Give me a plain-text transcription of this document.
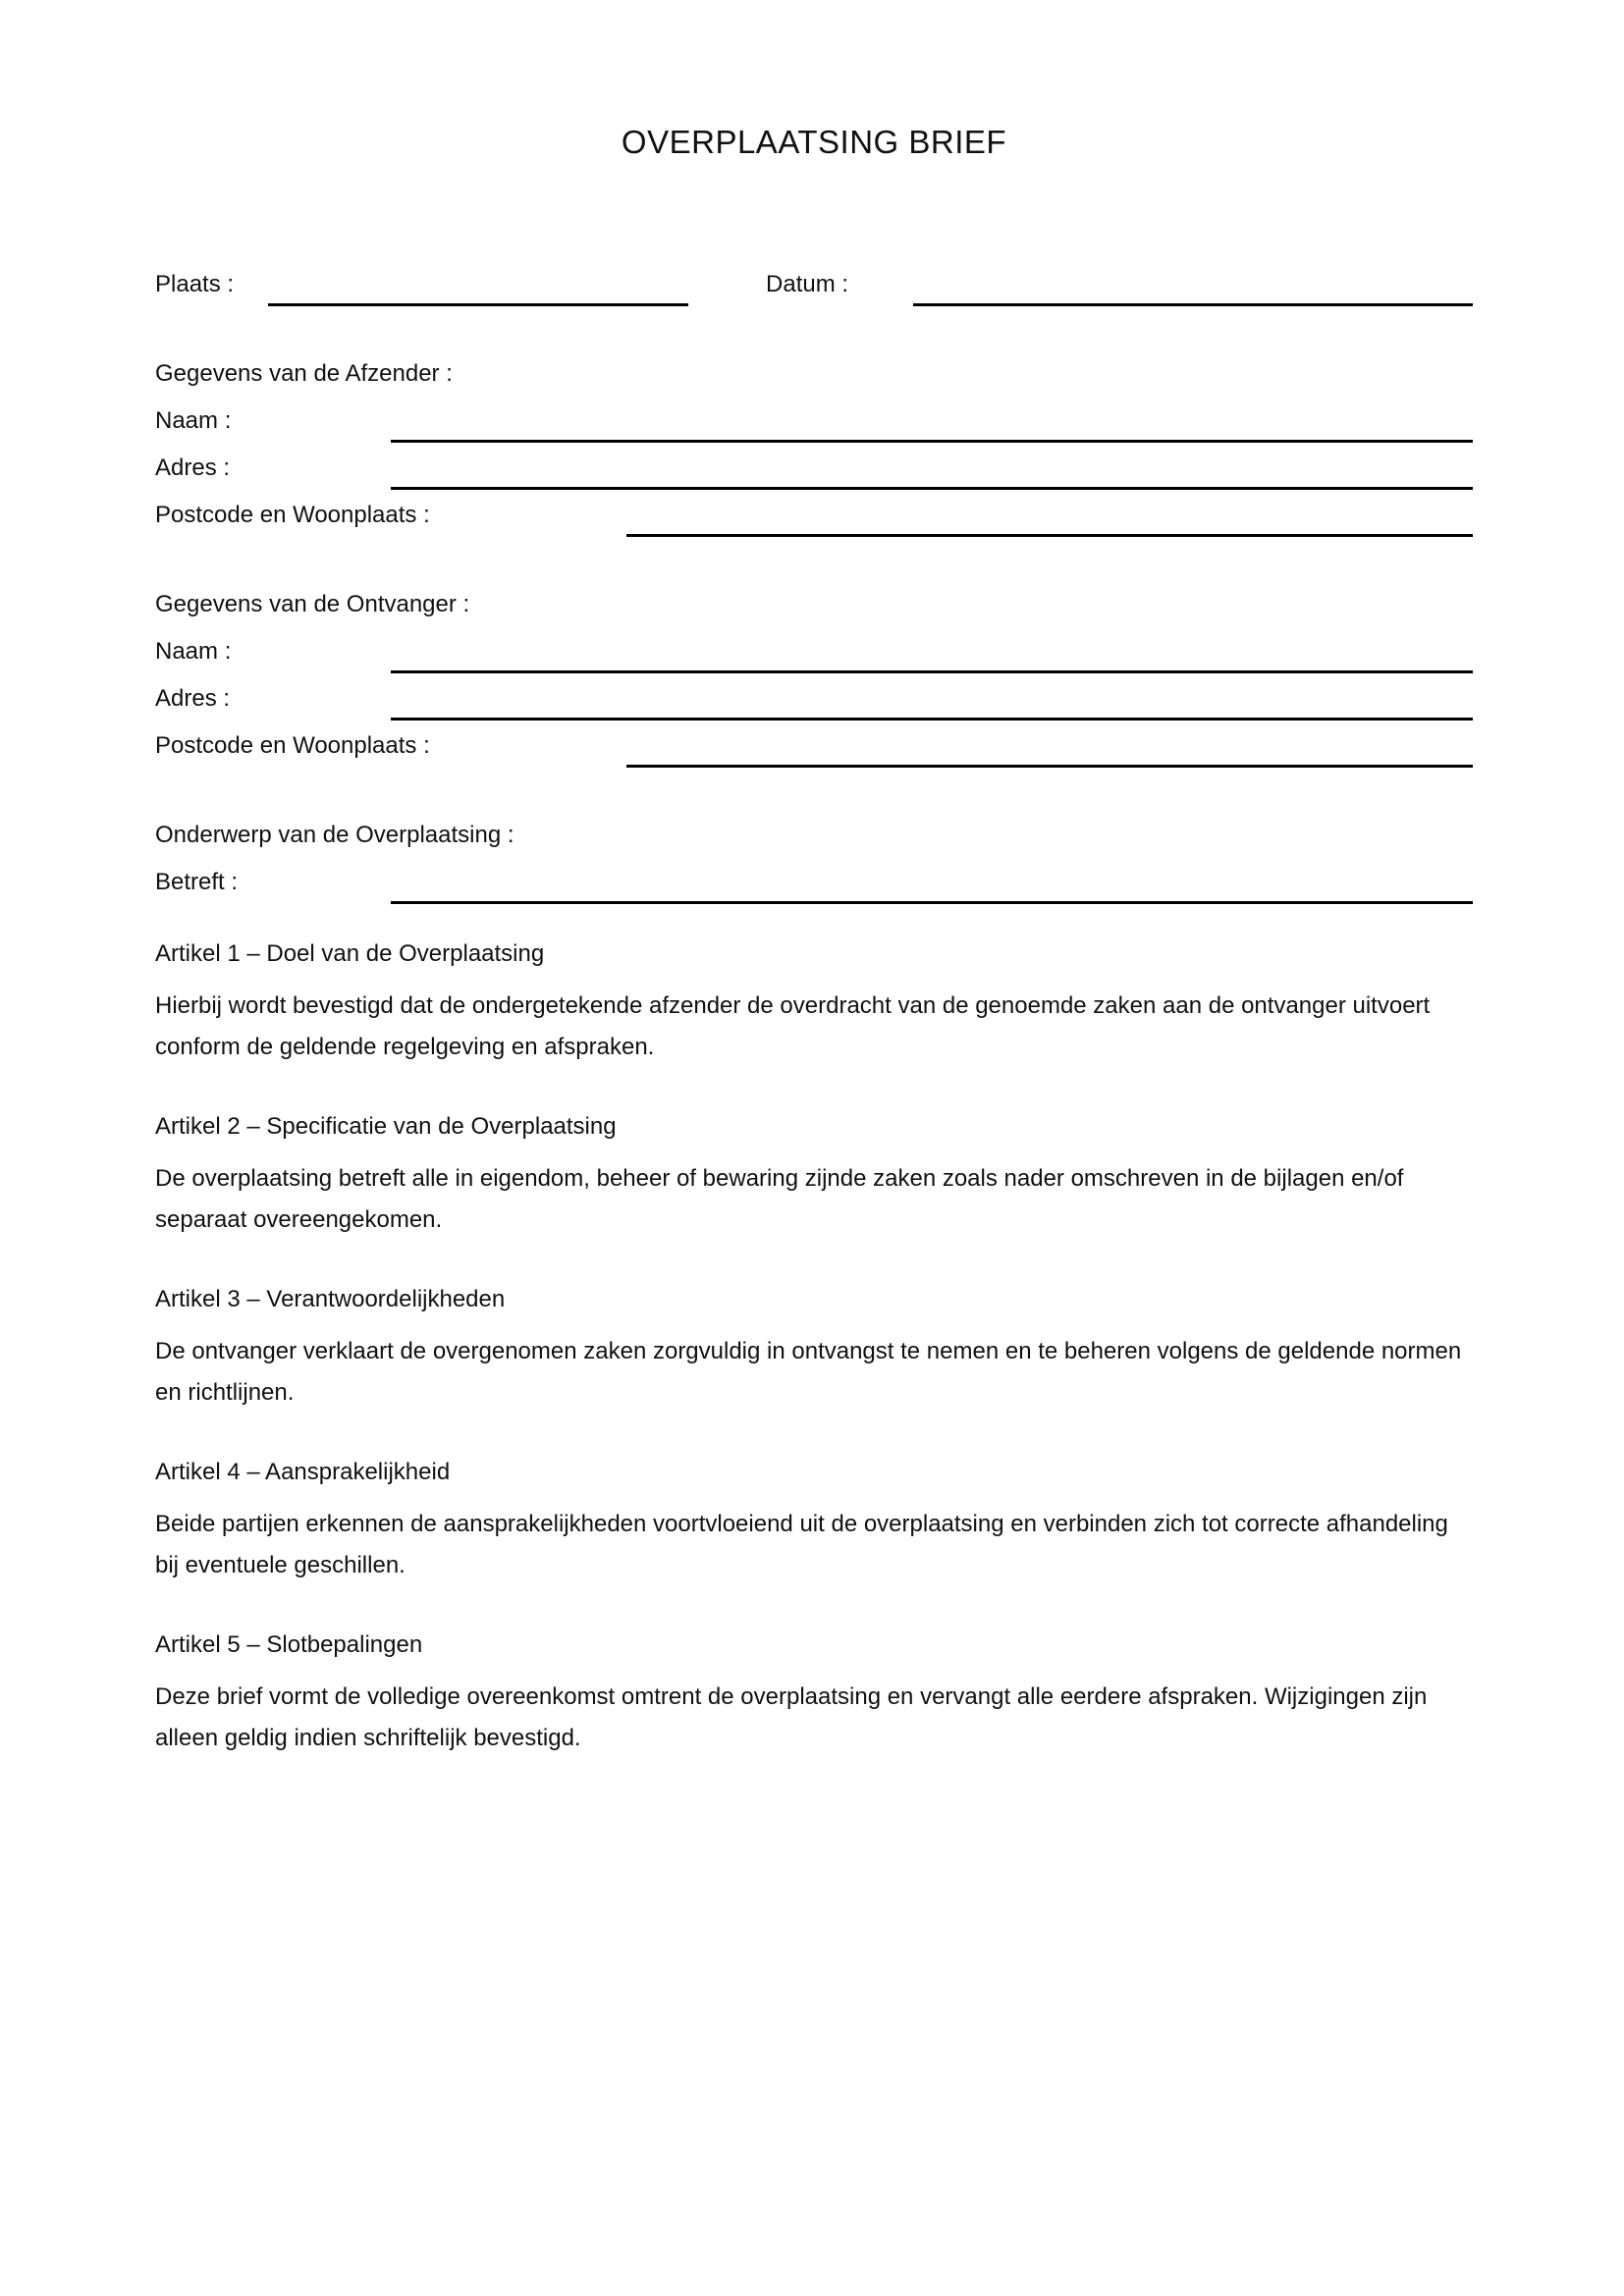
OVERPLAATSING BRIEF
Plaats :	Datum :

Gegevens van de Afzender :

Naam :
Adres :
Postcode en Woonplaats :

Gegevens van de Ontvanger :

Naam :
Adres :
Postcode en Woonplaats :

Onderwerp van de Overplaatsing :

Betreft :

Artikel 1 – Doel van de Overplaatsing

Hierbij wordt bevestigd dat de ondergetekende afzender de overdracht van de genoemde zaken aan de ontvanger uitvoert conform de geldende regelgeving en afspraken.

Artikel 2 – Specificatie van de Overplaatsing

De overplaatsing betreft alle in eigendom, beheer of bewaring zijnde zaken zoals nader omschreven in de bijlagen en/of separaat overeengekomen.

Artikel 3 – Verantwoordelijkheden

De ontvanger verklaart de overgenomen zaken zorgvuldig in ontvangst te nemen en te beheren volgens de geldende normen en richtlijnen.

Artikel 4 – Aansprakelijkheid

Beide partijen erkennen de aansprakelijkheden voortvloeiend uit de overplaatsing en verbinden zich tot correcte afhandeling bij eventuele geschillen.

Artikel 5 – Slotbepalingen

Deze brief vormt de volledige overeenkomst omtrent de overplaatsing en vervangt alle eerdere afspraken. Wijzigingen zijn alleen geldig indien schriftelijk bevestigd.
